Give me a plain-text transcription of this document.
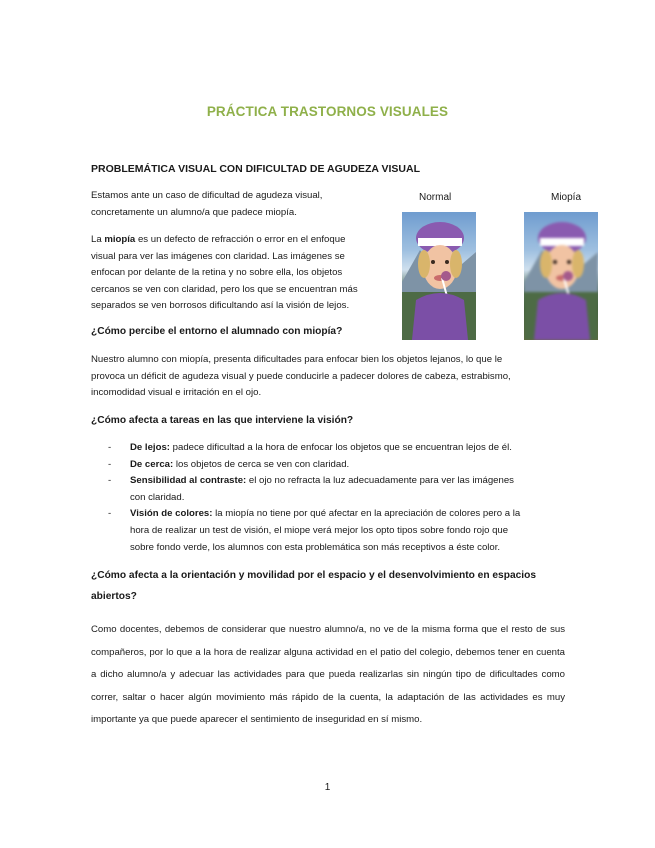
PRÁCTICA TRASTORNOS VISUALES
PROBLEMÁTICA VISUAL CON DIFICULTAD DE AGUDEZA VISUAL

Estamos ante un caso de dificultad de agudeza visual,
concretamente un alumno/a que padece miopía.

La miopía es un defecto de refracción o error en el enfoque
visual para ver las imágenes con claridad. Las imágenes se
enfocan por delante de la retina y no sobre ella, los objetos
cercanos se ven con claridad, pero los que se encuentran más
separados se ven borrosos dificultando así la visión de lejos.

Normal	Miopía
¿Cómo percibe el entorno el alumnado con miopía?

Nuestro alumno con miopía, presenta dificultades para enfocar bien los objetos lejanos, lo que le
provoca un déficit de agudeza visual y puede conducirle a padecer dolores de cabeza, estrabismo,
incomodidad visual e irritación en el ojo.

¿Cómo afecta a tareas en las que interviene la visión?
- De lejos: padece dificultad a la hora de enfocar los objetos que se encuentran lejos de él.
- De cerca: los objetos de cerca se ven con claridad.
- Sensibilidad al contraste: el ojo no refracta la luz adecuadamente para ver las imágenes
con claridad.
- Visión de colores: la miopía no tiene por qué afectar en la apreciación de colores pero a la
hora de realizar un test de visión, el miope verá mejor los opto tipos sobre fondo rojo que
sobre fondo verde, los alumnos con esta problemática son más receptivos a éste color.
¿Cómo afecta a la orientación y movilidad por el espacio y el desenvolvimiento en espacios
abiertos?

Como docentes, debemos de considerar que nuestro alumno/a, no ve de la misma forma que el resto de sus compañeros, por lo que a la hora de realizar alguna actividad en el patio del colegio, debemos tener en cuenta a dicho alumno/a y adecuar las actividades para que pueda realizarlas sin ningún tipo de dificultades como correr, saltar o hacer algún movimiento más rápido de la cuenta, la adaptación de las actividades es muy importante ya que puede aparecer el sentimiento de inseguridad en sí mismo.

1
